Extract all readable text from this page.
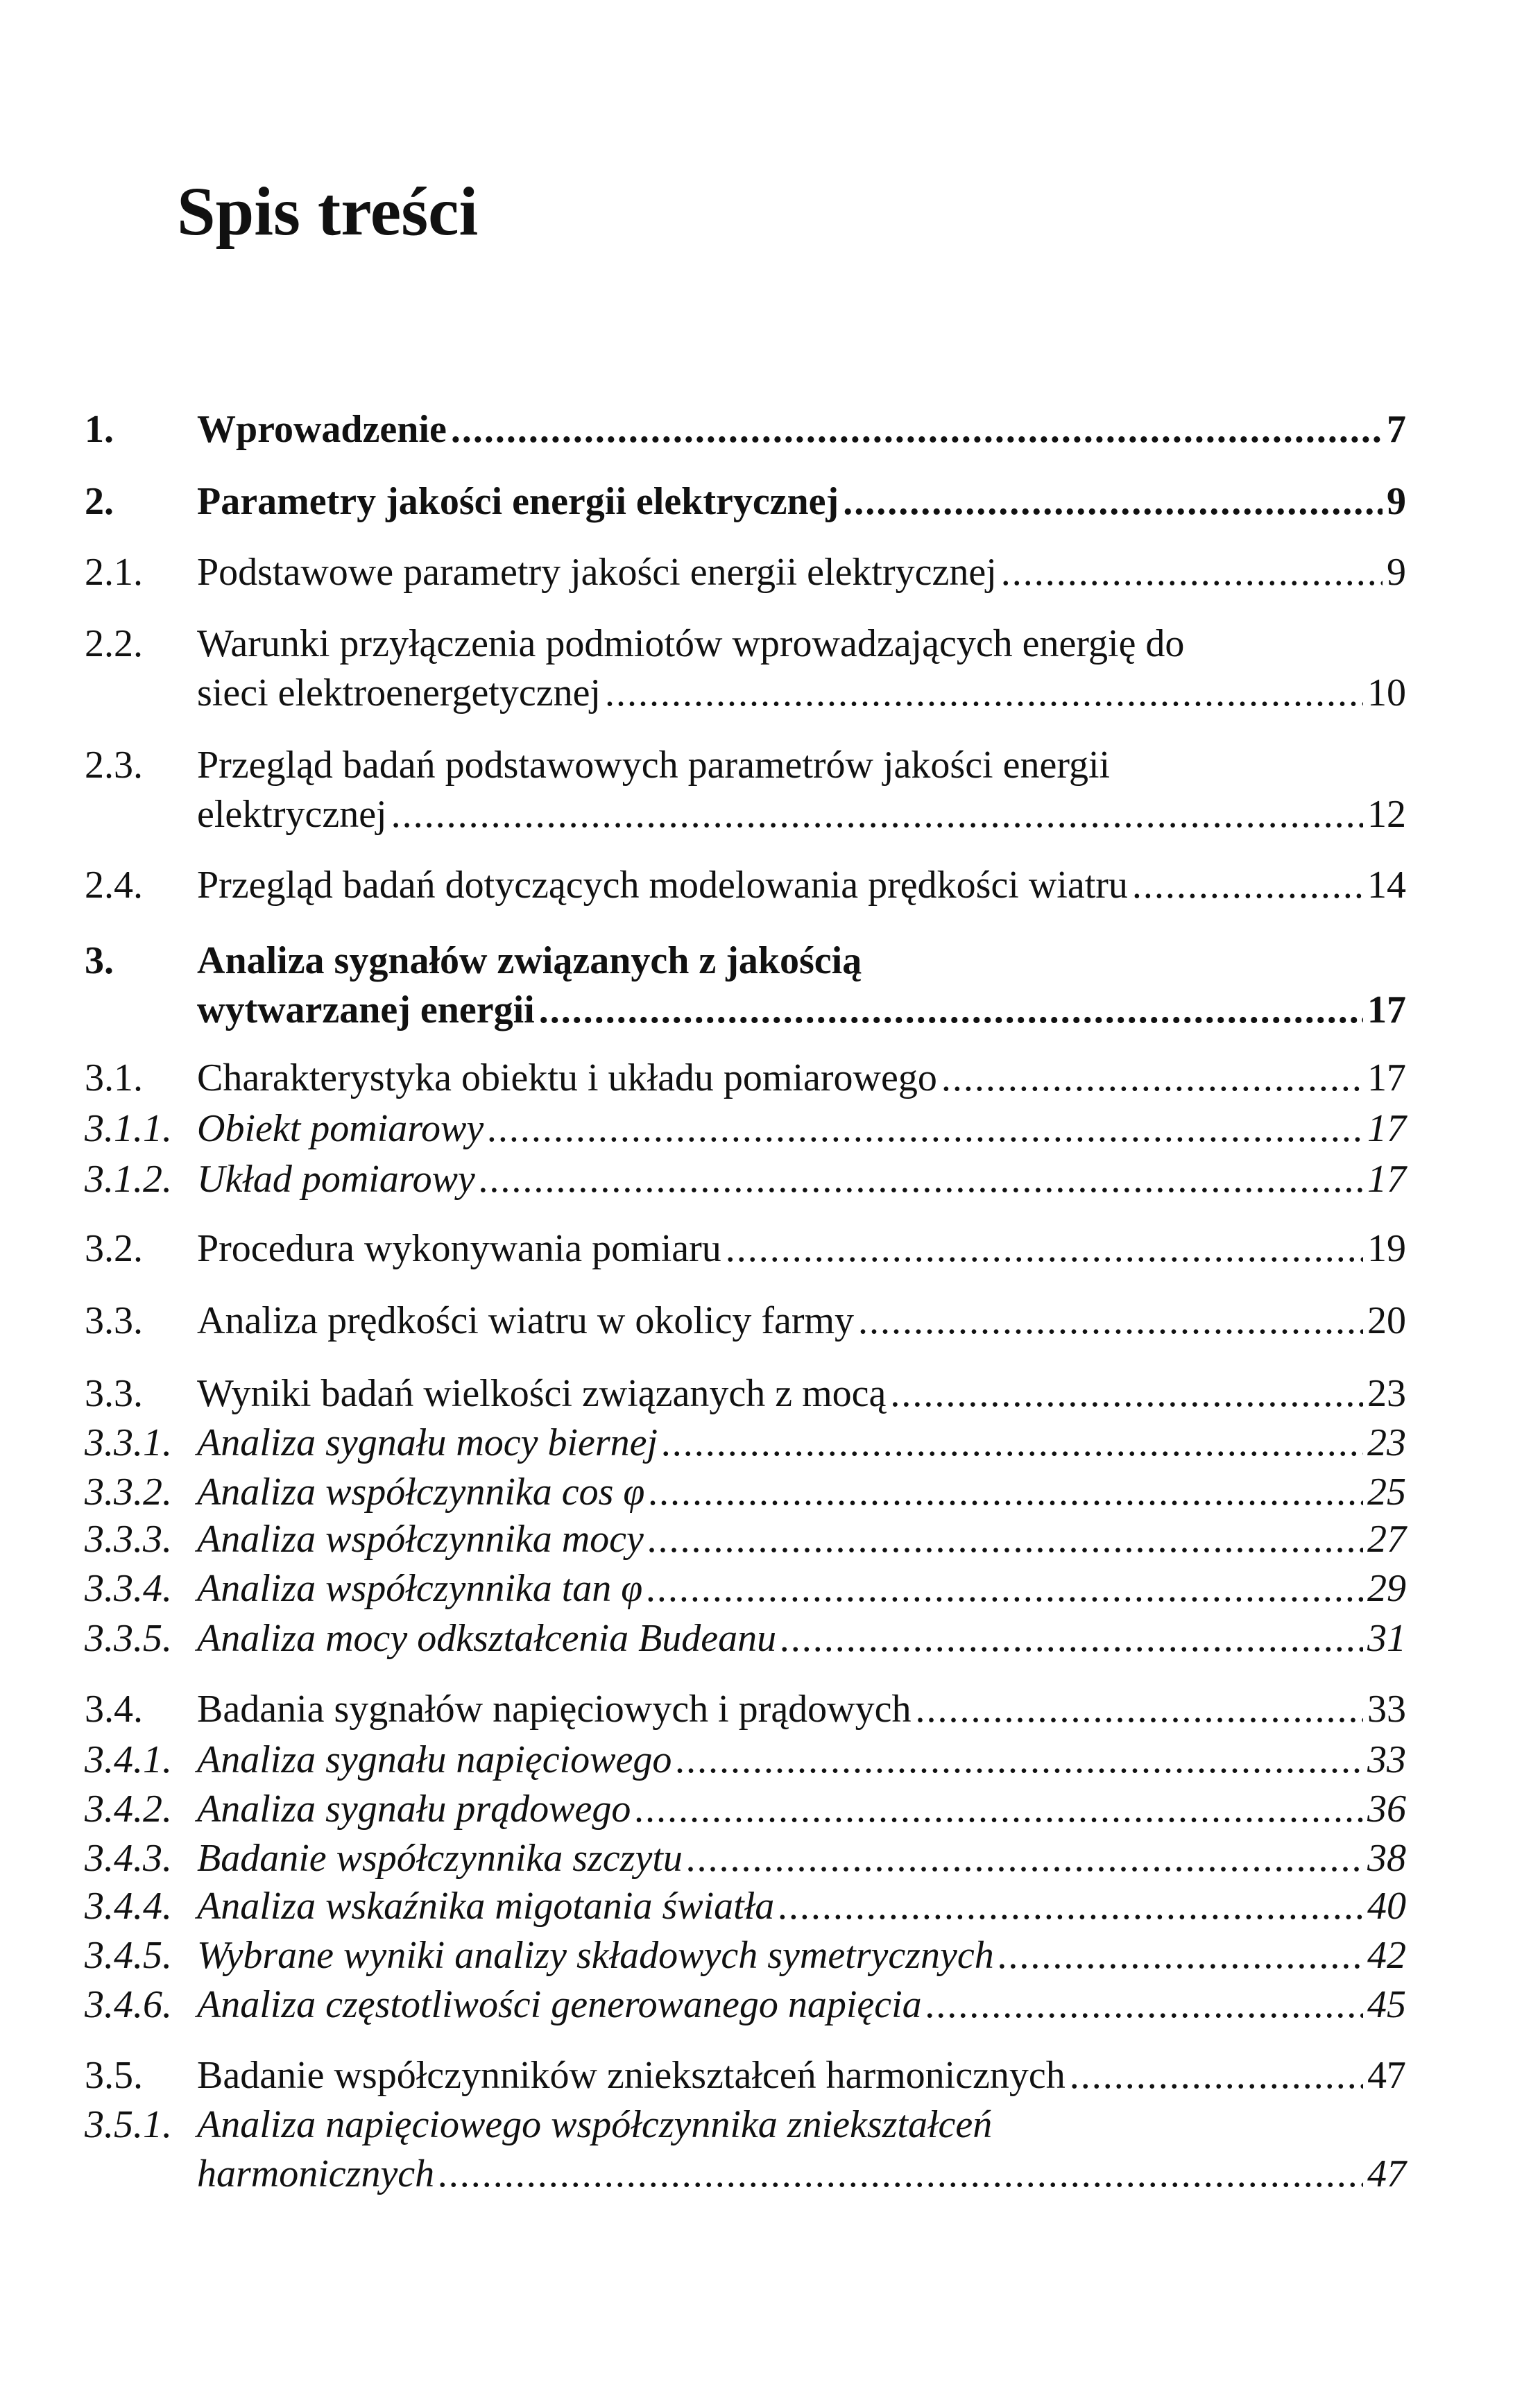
Spis treści
1. Wprowadzenie .....	7
2. Parametry jakości energii elektrycznej .....	9
2.1. Podstawowe parametry jakości energii elektrycznej .....	9
2.2. Warunki przyłączenia podmiotów wprowadzających energię do
sieci elektroenergetycznej .....	10
2.3. Przegląd badań podstawowych parametrów jakości energii
elektrycznej .....	12
2.4. Przegląd badań dotyczących modelowania prędkości wiatru .....	14
3. Analiza sygnałów związanych z jakością
wytwarzanej energii .....	17
3.1. Charakterystyka obiektu i układu pomiarowego .....	17
3.1.1. Obiekt pomiarowy .....	17
3.1.2. Układ pomiarowy .....	17
3.2. Procedura wykonywania pomiaru .....	19
3.3. Analiza prędkości wiatru w okolicy farmy .....	20
3.3. Wyniki badań wielkości związanych z mocą .....	23
3.3.1. Analiza sygnału mocy biernej .....	23
3.3.2. Analiza współczynnika cos φ .....	25
3.3.3. Analiza współczynnika mocy .....	27
3.3.4. Analiza współczynnika tan φ .....	29
3.3.5. Analiza mocy odkształcenia Budeanu .....	31
3.4. Badania sygnałów napięciowych i prądowych .....	33
3.4.1. Analiza sygnału napięciowego .....	33
3.4.2. Analiza sygnału prądowego .....	36
3.4.3. Badanie współczynnika szczytu .....	38
3.4.4. Analiza wskaźnika migotania światła .....	40
3.4.5. Wybrane wyniki analizy składowych symetrycznych .....	42
3.4.6. Analiza częstotliwości generowanego napięcia .....	45
3.5. Badanie współczynników zniekształceń harmonicznych .....	47
3.5.1. Analiza napięciowego współczynnika zniekształceń
harmonicznych .....	47
